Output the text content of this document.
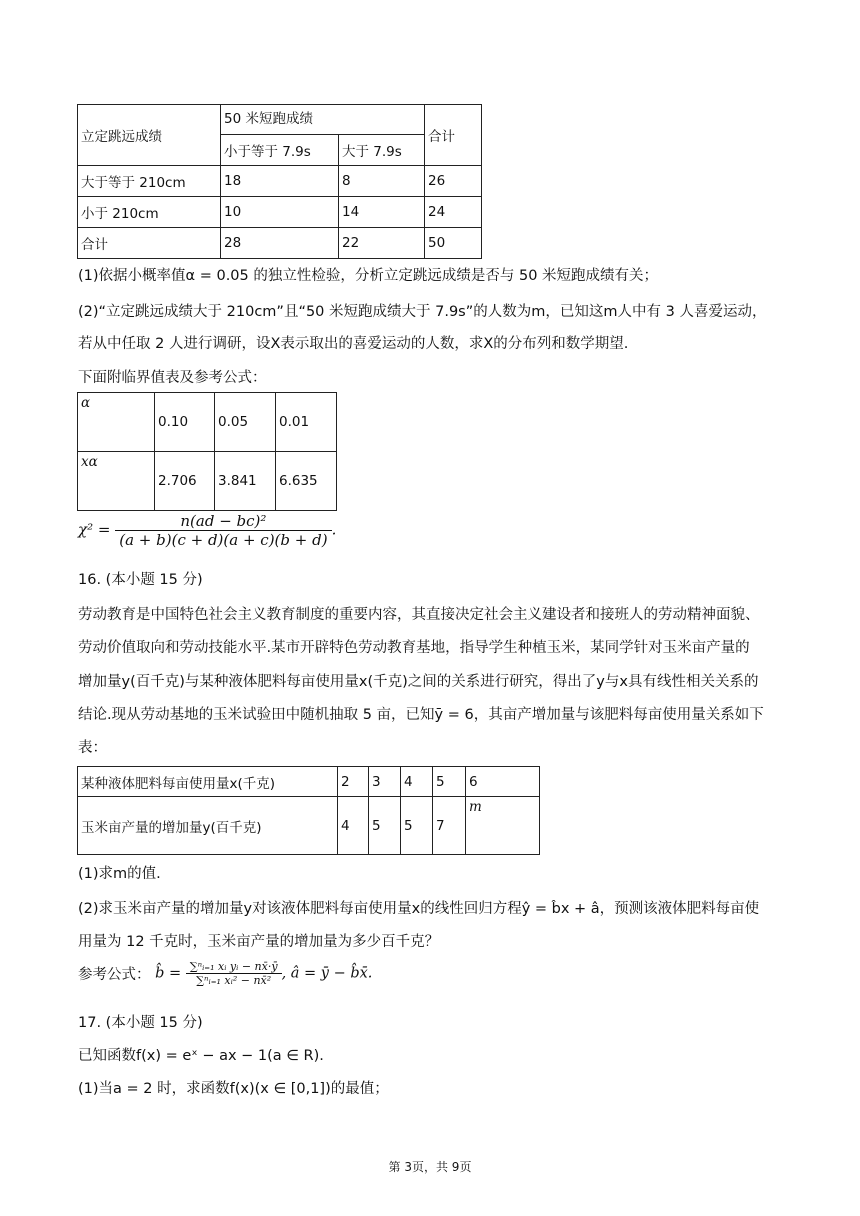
立定跳远成绩	50 米短跑成绩		合计
	小于等于 7.9s	大于 7.9s	
大于等于 210cm	18	8	26
小于 210cm	10	14	24
合计	28	22	50
(1)依据小概率值α = 0.05 的独立性检验，分析立定跳远成绩是否与 50 米短跑成绩有关；
(2)“立定跳远成绩大于 210cm”且“50 米短跑成绩大于 7.9s”的人数为m，已知这m人中有 3 人喜爱运动，
若从中任取 2 人进行调研，设X表示取出的喜爱运动的人数，求X的分布列和数学期望.
下面附临界值表及参考公式：
α	0.10	0.05	0.01
xα	2.706	3.841	6.635
$\chi^2 = \frac{\text{n(ad − bc)²}}{(a + b)(c + d)(a + c)(b + d)}$ .
16. (本小题 15 分)
劳动教育是中国特色社会主义教育制度的重要内容，其直接决定社会主义建设者和接班人的劳动精神面貌、
劳动价值取向和劳动技能水平.某市开辟特色劳动教育基地，指导学生种植玉米，某同学针对玉米亩产量的
增加量y(百千克)与某种液体肥料每亩使用量x(千克)之间的关系进行研究，得出了y与x具有线性相关关系的
结论.现从劳动基地的玉米试验田中随机抽取 5 亩，已知ȳ = 6，其亩产增加量与该肥料每亩使用量关系如下
表：
某种液体肥料每亩使用量x(千克)	2	3	4	5	6
玉米亩产量的增加量y(百千克)	4	5	5	7	m
(1)求m的值.
(2)求玉米亩产量的增加量y对该液体肥料每亩使用量x的线性回归方程ŷ = b̂x + â，预测该液体肥料每亩使
用量为 12 千克时，玉米亩产量的增加量为多少百千克？
参考公式： b̂ = $\frac{\text{∑ⁿᵢ₌₁ xᵢ yᵢ − nx̄·ȳ}}{\text{∑ⁿᵢ₌₁ xᵢ² − nx̄²}}$ , â = ȳ − b̂x̄.
17. (本小题 15 分)
已知函数f(x) = eˣ − ax − 1(a ∈ R).
(1)当a = 2 时，求函数f(x)(x ∈ [0,1])的最值；
第 3页，共 9页
